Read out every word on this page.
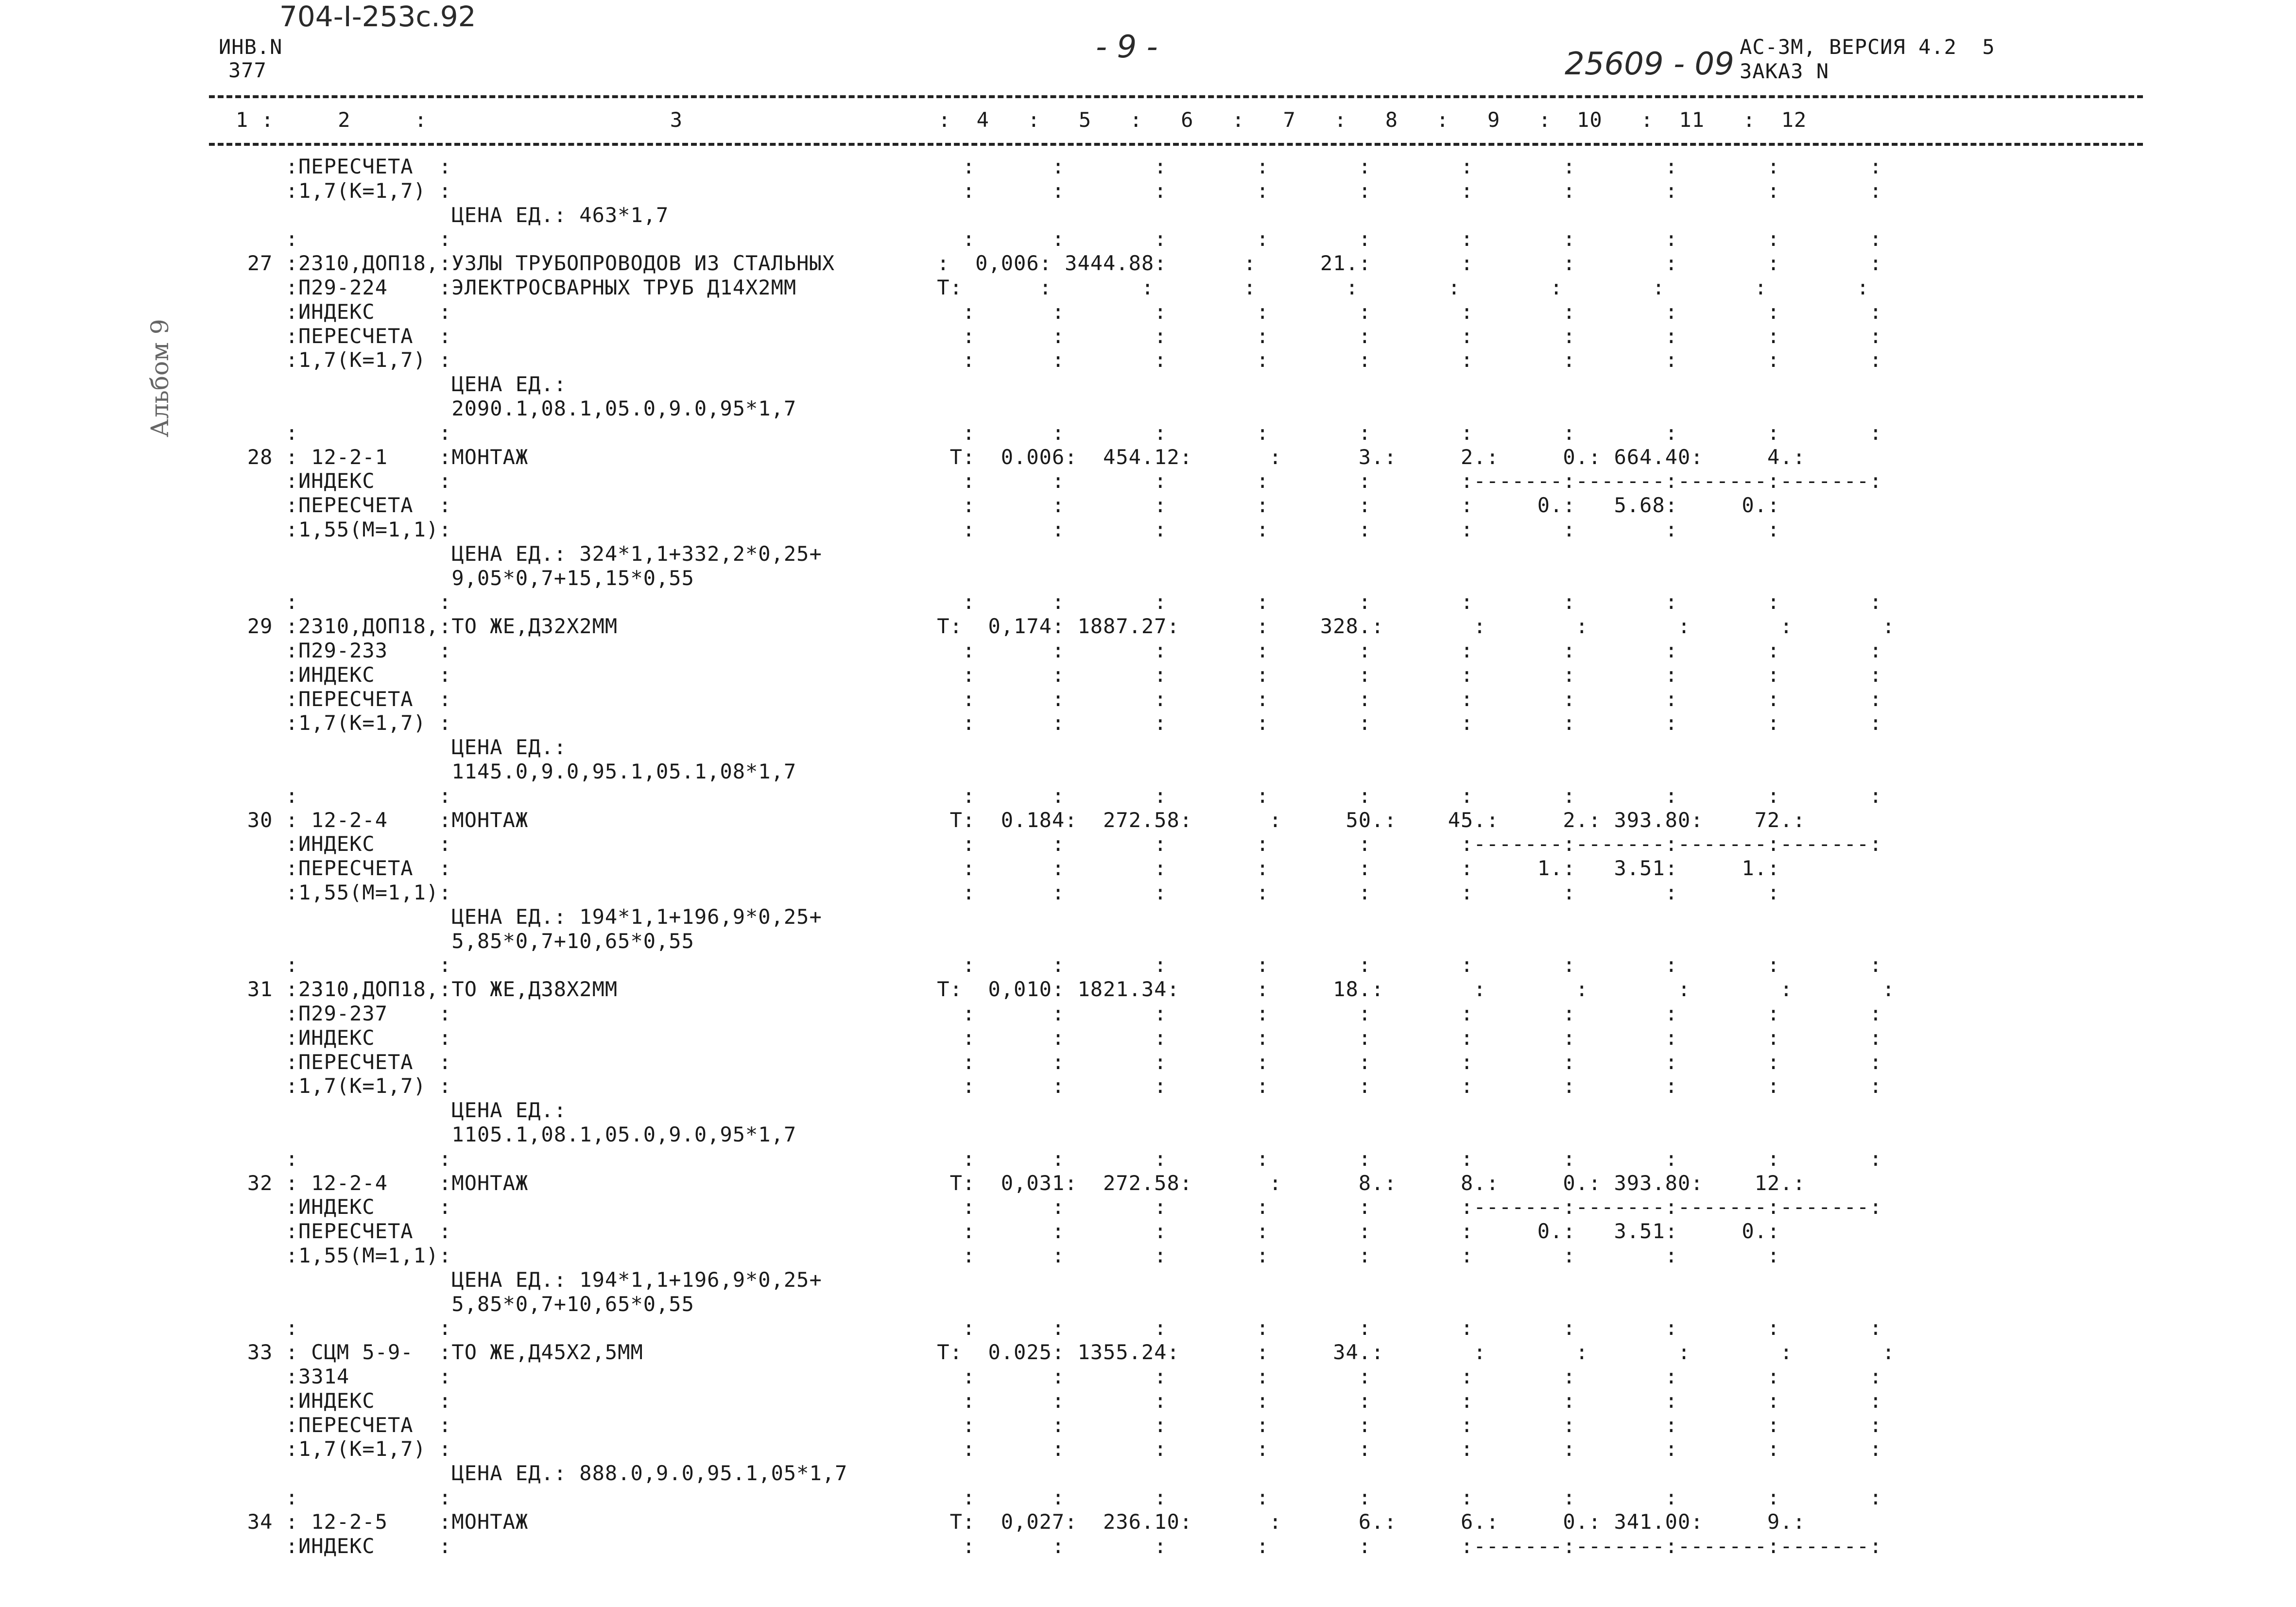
704-I-253с.92
ИНВ.N
377
- 9 -	25609 - 09 АС-3М, ВЕРСИЯ 4.2  5
ЗАКАЗ N
Альбом 9
1 :     2     :                   3                    :  4   :   5   :   6   :   7   :   8   :   9   :  10   :  11   :  12
:ПЕРЕСЧЕТА  :                                        :      :       :       :       :       :       :       :       :       :
:1,7(К=1,7) :                                        :      :       :       :       :       :       :       :       :       :
ЦЕНА ЕД.: 463*1,7
:           :                                        :      :       :       :       :       :       :       :       :       :
27 :2310,ДОП18,:УЗЛЫ ТРУБОПРОВОДОВ ИЗ СТАЛЬНЫХ        :  0,006: 3444.88:      :     21.:       :       :       :       :       :
:П29-224    :ЭЛЕКТРОСВАРНЫХ ТРУБ Д14Х2ММ           Т:      :       :       :       :       :       :       :       :       :
:ИНДЕКС     :                                        :      :       :       :       :       :       :       :       :       :
:ПЕРЕСЧЕТА  :                                        :      :       :       :       :       :       :       :       :       :
:1,7(К=1,7) :                                        :      :       :       :       :       :       :       :       :       :
ЦЕНА ЕД.:
2090.1,08.1,05.0,9.0,95*1,7
:           :                                        :      :       :       :       :       :       :       :       :       :
28 : 12-2-1    :МОНТАЖ                                 Т:  0.006:  454.12:      :      3.:     2.:     0.: 664.40:     4.:
:ИНДЕКС     :                                        :      :       :       :       :       :-------:-------:-------:-------:
:ПЕРЕСЧЕТА  :                                        :      :       :       :       :       :     0.:   5.68:     0.:
:1,55(М=1,1):                                        :      :       :       :       :       :       :       :       :
ЦЕНА ЕД.: 324*1,1+332,2*0,25+
9,05*0,7+15,15*0,55
:           :                                        :      :       :       :       :       :       :       :       :       :
29 :2310,ДОП18,:ТО ЖЕ,Д32Х2ММ                         Т:  0,174: 1887.27:      :    328.:       :       :       :       :       :
:П29-233    :                                        :      :       :       :       :       :       :       :       :       :
:ИНДЕКС     :                                        :      :       :       :       :       :       :       :       :       :
:ПЕРЕСЧЕТА  :                                        :      :       :       :       :       :       :       :       :       :
:1,7(К=1,7) :                                        :      :       :       :       :       :       :       :       :       :
ЦЕНА ЕД.:
1145.0,9.0,95.1,05.1,08*1,7
:           :                                        :      :       :       :       :       :       :       :       :       :
30 : 12-2-4    :МОНТАЖ                                 Т:  0.184:  272.58:      :     50.:    45.:     2.: 393.80:    72.:
:ИНДЕКС     :                                        :      :       :       :       :       :-------:-------:-------:-------:
:ПЕРЕСЧЕТА  :                                        :      :       :       :       :       :     1.:   3.51:     1.:
:1,55(М=1,1):                                        :      :       :       :       :       :       :       :       :
ЦЕНА ЕД.: 194*1,1+196,9*0,25+
5,85*0,7+10,65*0,55
:           :                                        :      :       :       :       :       :       :       :       :       :
31 :2310,ДОП18,:ТО ЖЕ,Д38Х2ММ                         Т:  0,010: 1821.34:      :     18.:       :       :       :       :       :
:П29-237    :                                        :      :       :       :       :       :       :       :       :       :
:ИНДЕКС     :                                        :      :       :       :       :       :       :       :       :       :
:ПЕРЕСЧЕТА  :                                        :      :       :       :       :       :       :       :       :       :
:1,7(К=1,7) :                                        :      :       :       :       :       :       :       :       :       :
ЦЕНА ЕД.:
1105.1,08.1,05.0,9.0,95*1,7
:           :                                        :      :       :       :       :       :       :       :       :       :
32 : 12-2-4    :МОНТАЖ                                 Т:  0,031:  272.58:      :      8.:     8.:     0.: 393.80:    12.:
:ИНДЕКС     :                                        :      :       :       :       :       :-------:-------:-------:-------:
:ПЕРЕСЧЕТА  :                                        :      :       :       :       :       :     0.:   3.51:     0.:
:1,55(М=1,1):                                        :      :       :       :       :       :       :       :       :
ЦЕНА ЕД.: 194*1,1+196,9*0,25+
5,85*0,7+10,65*0,55
:           :                                        :      :       :       :       :       :       :       :       :       :
33 : СЦМ 5-9-  :ТО ЖЕ,Д45Х2,5ММ                       Т:  0.025: 1355.24:      :     34.:       :       :       :       :       :
:3314       :                                        :      :       :       :       :       :       :       :       :       :
:ИНДЕКС     :                                        :      :       :       :       :       :       :       :       :       :
:ПЕРЕСЧЕТА  :                                        :      :       :       :       :       :       :       :       :       :
:1,7(К=1,7) :                                        :      :       :       :       :       :       :       :       :       :
ЦЕНА ЕД.: 888.0,9.0,95.1,05*1,7
:           :                                        :      :       :       :       :       :       :       :       :       :
34 : 12-2-5    :МОНТАЖ                                 Т:  0,027:  236.10:      :      6.:     6.:     0.: 341.00:     9.:
:ИНДЕКС     :                                        :      :       :       :       :       :-------:-------:-------:-------:
